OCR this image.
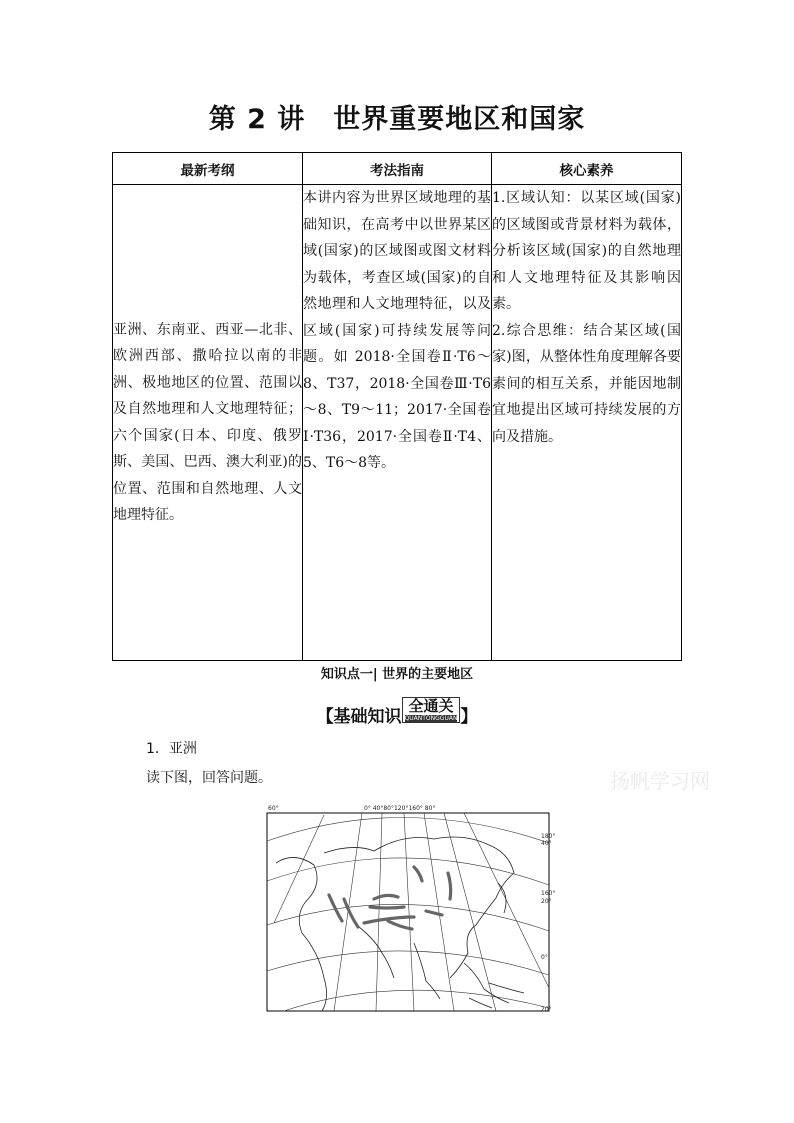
第 2 讲　世界重要地区和国家
最新考纲	考法指南	核心素养

亚洲、东南亚、西亚—北非、欧洲西部、撒哈拉以南的非洲、极地地区的位置、范围以及自然地理和人文地理特征；六个国家(日本、印度、俄罗斯、美国、巴西、澳大利亚)的位置、范围和自然地理、人文地理特征。	本讲内容为世界区域地理的基础知识，在高考中以世界某区域(国家)的区域图或图文材料为载体，考查区域(国家)的自然地理和人文地理特征，以及区域(国家)可持续发展等问题。如 2018·全国卷Ⅱ·T6～8、T37，2018·全国卷Ⅲ·T6～8、T9～11；2017·全国卷Ⅰ·T36，2017·全国卷Ⅱ·T4、5、T6～8等。	1.区域认知：以某区域(国家)的区域图或背景材料为载体，分析该区域(国家)的自然地理和人文地理特征及其影响因素。

2.综合思维：结合某区域(国家)图，从整体性角度理解各要素间的相互关系，并能因地制宜地提出区域可持续发展的方向及措施。

知识点一| 世界的主要地区
【基础知识全通关
QUANTONGGUAN 】
1．亚洲
读下图，回答问题。	扬帆学习网
60°	0° 40°80°120°160° 80°
180°
40°
160°
20°
0°
20°
